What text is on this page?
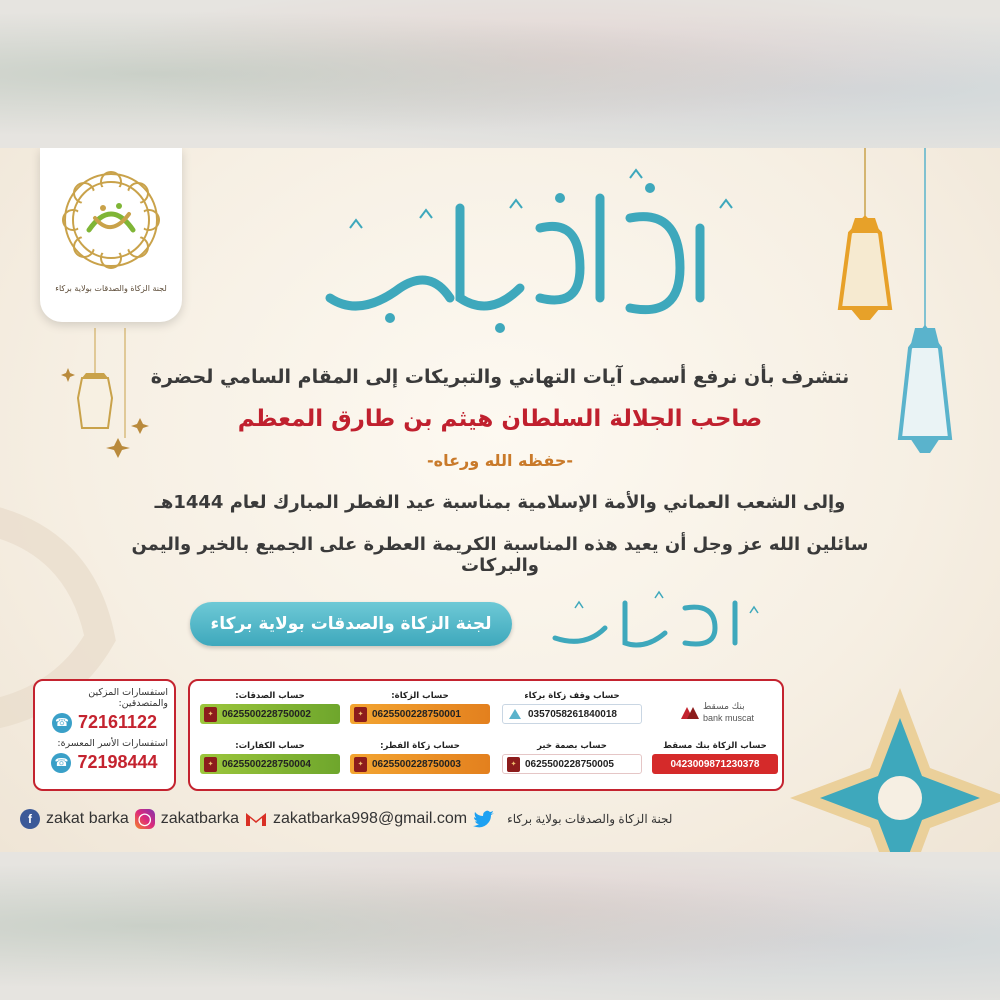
لجنة الزكاة والصدقات بولاية بركاء
نتشرف بأن نرفع أسمى آيات التهاني والتبريكات إلى المقام السامي لحضرة
صاحب الجلالة السلطان هيثم بن طارق المعظم
-حفظه الله ورعاه-
وإلى الشعب العماني والأمة الإسلامية بمناسبة عيد الفطر المبارك لعام 1444هـ
سائلين الله عز وجل أن يعيد هذه المناسبة الكريمة العطرة على الجميع بالخير واليمن والبركات
لجنة الزكاة والصدقات بولاية بركاء
استفسارات المزكين والمتصدقين:
☎ 72161122
استفسارات الأسر المعسرة:
☎ 72198444
حساب الصدقات:
✦ 0625500228750002
حساب الكفارات:
✦ 0625500228750004
حساب الزكاة:
✦ 0625500228750001
حساب زكاة الفطر:
✦ 0625500228750003
حساب وقف زكاة بركاء
0357058261840018
حساب بصمة خير
✦ 0625500228750005
بنك مسقط
bank muscat
حساب الزكاة بنك مسقط
0423009871230378
f zakat barka ◯ zakatbarka zakatbarka998@gmail.com	لجنة الزكاة والصدقات بولاية بركاء
